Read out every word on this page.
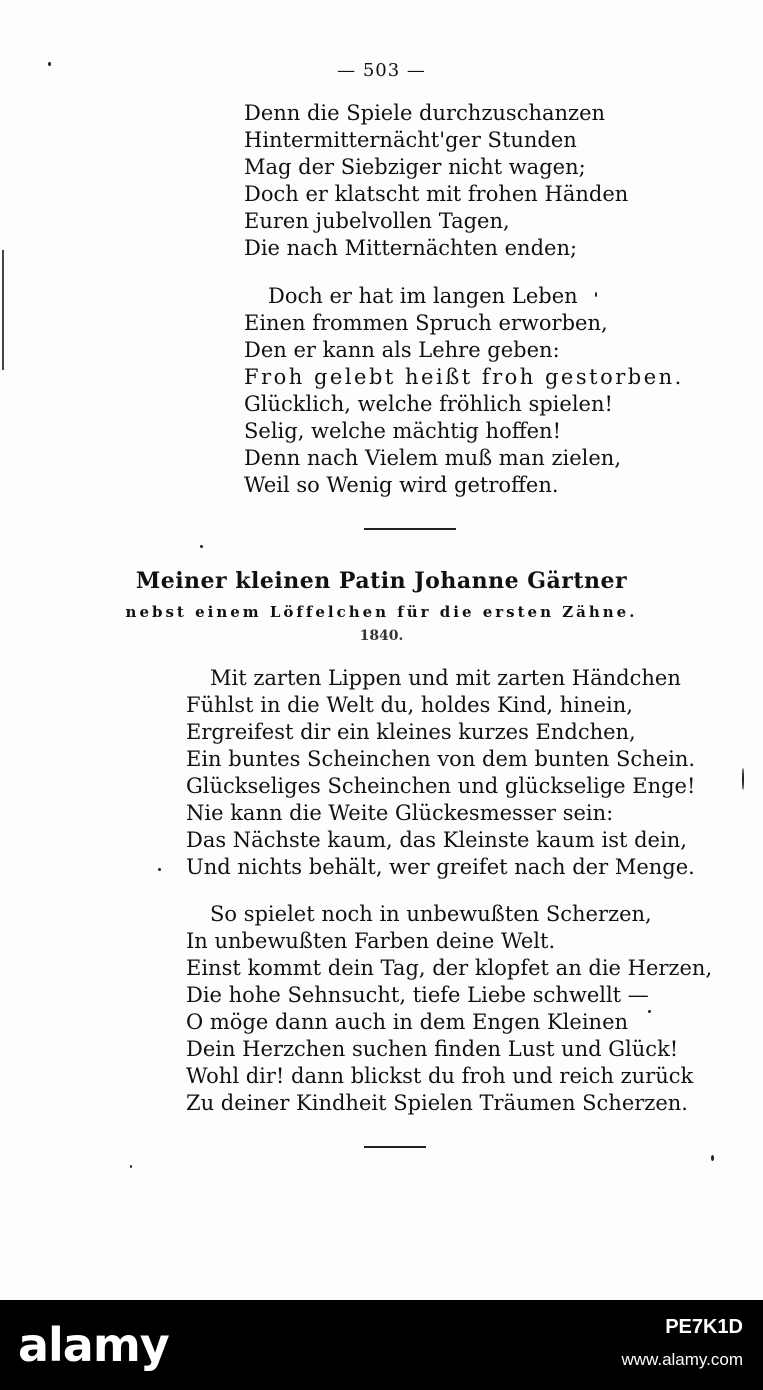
— 503 —
Denn die Spiele durchzuschanzen
Hintermitternächt'ger Stunden
Mag der Siebziger nicht wagen;
Doch er klatscht mit frohen Händen
Euren jubelvollen Tagen,
Die nach Mitternächten enden;
Doch er hat im langen Leben
Einen frommen Spruch erworben,
Den er kann als Lehre geben:
Froh gelebt heißt froh gestorben.
Glücklich, welche fröhlich spielen!
Selig, welche mächtig hoffen!
Denn nach Vielem muß man zielen,
Weil so Wenig wird getroffen.
Meiner kleinen Patin Johanne Gärtner
nebst einem Löffelchen für die ersten Zähne.
1840.
Mit zarten Lippen und mit zarten Händchen
Fühlst in die Welt du, holdes Kind, hinein,
Ergreifest dir ein kleines kurzes Endchen,
Ein buntes Scheinchen von dem bunten Schein.
Glückseliges Scheinchen und glückselige Enge!
Nie kann die Weite Glückesmesser sein:
Das Nächste kaum, das Kleinste kaum ist dein,
Und nichts behält, wer greifet nach der Menge.
So spielet noch in unbewußten Scherzen,
In unbewußten Farben deine Welt.
Einst kommt dein Tag, der klopfet an die Herzen,
Die hohe Sehnsucht, tiefe Liebe schwellt —
O möge dann auch in dem Engen Kleinen
Dein Herzchen suchen finden Lust und Glück!
Wohl dir! dann blickst du froh und reich zurück
Zu deiner Kindheit Spielen Träumen Scherzen.
alamy	PE7K1D
www.alamy.com
